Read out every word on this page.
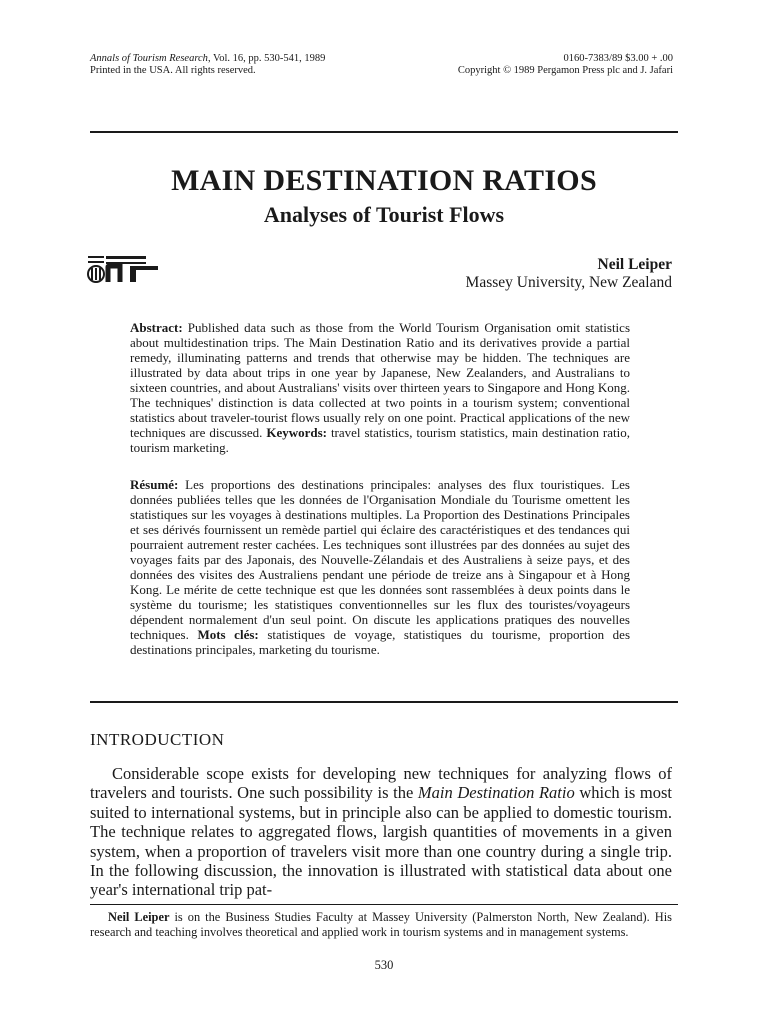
Annals of Tourism Research, Vol. 16, pp. 530-541, 1989
Printed in the USA. All rights reserved.
0160-7383/89 $3.00 + .00
Copyright © 1989 Pergamon Press plc and J. Jafari
MAIN DESTINATION RATIOS
Analyses of Tourist Flows
Neil Leiper
Massey University, New Zealand
Abstract: Published data such as those from the World Tourism Organisation omit statistics about multidestination trips. The Main Destination Ratio and its derivatives provide a partial remedy, illuminating patterns and trends that otherwise may be hidden. The techniques are illustrated by data about trips in one year by Japanese, New Zealanders, and Australians to sixteen countries, and about Australians' visits over thirteen years to Singapore and Hong Kong. The techniques' distinction is data collected at two points in a tourism system; conventional statistics about traveler-tourist flows usually rely on one point. Practical applications of the new techniques are discussed. Keywords: travel statistics, tourism statistics, main destination ratio, tourism marketing.
Résumé: Les proportions des destinations principales: analyses des flux touristiques. Les données publiées telles que les données de l'Organisation Mondiale du Tourisme omettent les statistiques sur les voyages à destinations multiples. La Proportion des Destinations Principales et ses dérivés fournissent un remède partiel qui éclaire des caractéristiques et des tendances qui pourraient autrement rester cachées. Les techniques sont illustrées par des données au sujet des voyages faits par des Japonais, des Nouvelle-Zélandais et des Australiens à seize pays, et des données des visites des Australiens pendant une période de treize ans à Singapour et à Hong Kong. Le mérite de cette technique est que les données sont rassemblées à deux points dans le système du tourisme; les statistiques conventionnelles sur les flux des touristes/voyageurs dépendent normalement d'un seul point. On discute les applications pratiques des nouvelles techniques. Mots clés: statistiques de voyage, statistiques du tourisme, proportion des destinations principales, marketing du tourisme.
INTRODUCTION
Considerable scope exists for developing new techniques for analyzing flows of travelers and tourists. One such possibility is the Main Destination Ratio which is most suited to international systems, but in principle also can be applied to domestic tourism. The technique relates to aggregated flows, largish quantities of movements in a given system, when a proportion of travelers visit more than one country during a single trip. In the following discussion, the innovation is illustrated with statistical data about one year's international trip pat-
Neil Leiper is on the Business Studies Faculty at Massey University (Palmerston North, New Zealand). His research and teaching involves theoretical and applied work in tourism systems and in management systems.
530
